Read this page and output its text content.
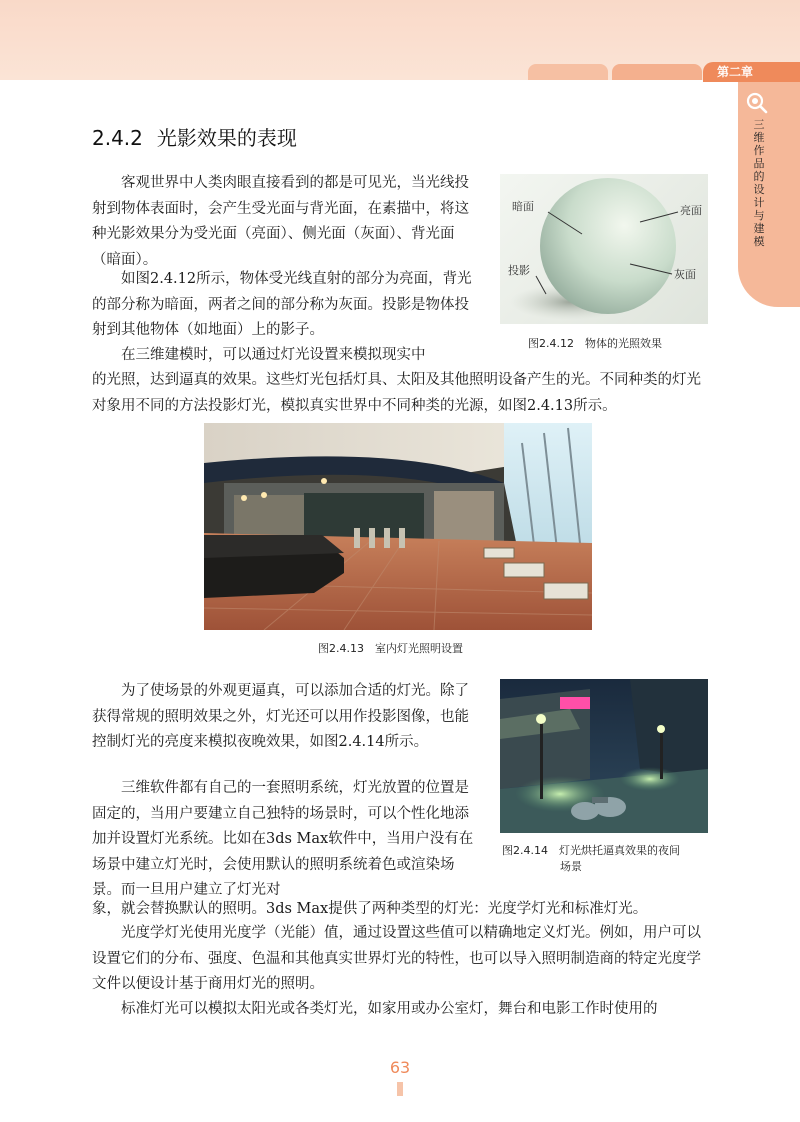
第二章
三维作品的设计与建模
2.4.2 光影效果的表现

客观世界中人类肉眼直接看到的都是可见光，当光线投射到物体表面时，会产生受光面与背光面，在素描中，将这种光影效果分为受光面（亮面）、侧光面（灰面）、背光面（暗面）。

如图2.4.12所示，物体受光线直射的部分为亮面，背光的部分称为暗面，两者之间的部分称为灰面。投影是物体投射到其他物体（如地面）上的影子。

在三维建模时，可以通过灯光设置来模拟现实中

的光照，达到逼真的效果。这些灯光包括灯具、太阳及其他照明设备产生的光。不同种类的灯光对象用不同的方法投影灯光，模拟真实世界中不同种类的光源，如图2.4.13所示。

暗面	亮面
投影	灰面
图2.4.12　物体的光照效果
图2.4.13　室内灯光照明设置

为了使场景的外观更逼真，可以添加合适的灯光。除了获得常规的照明效果之外，灯光还可以用作投影图像，也能控制灯光的亮度来模拟夜晚效果，如图2.4.14所示。

三维软件都有自己的一套照明系统，灯光放置的位置是固定的，当用户要建立自己独特的场景时，可以个性化地添加并设置灯光系统。比如在3ds Max软件中，当用户没有在场景中建立灯光时，会使用默认的照明系统着色或渲染场景。而一旦用户建立了灯光对

象，就会替换默认的照明。3ds Max提供了两种类型的灯光：光度学灯光和标准灯光。

图2.4.14　灯光烘托逼真效果的夜间
场景

光度学灯光使用光度学（光能）值，通过设置这些值可以精确地定义灯光。例如，用户可以设置它们的分布、强度、色温和其他真实世界灯光的特性，也可以导入照明制造商的特定光度学文件以便设计基于商用灯光的照明。

标准灯光可以模拟太阳光或各类灯光，如家用或办公室灯，舞台和电影工作时使用的

63
